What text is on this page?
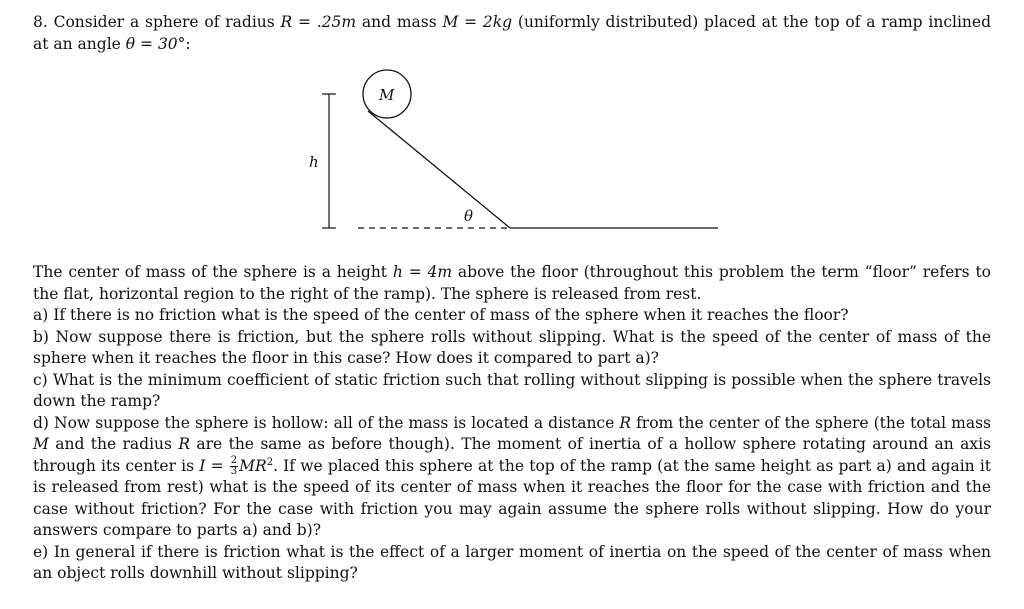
8. Consider a sphere of radius R = .25m and mass M = 2kg (uniformly distributed) placed at the top of a ramp inclined at an angle θ = 30°:

h
M
θ
The center of mass of the sphere is a height h = 4m above the floor (throughout this problem the term “floor” refers to the flat, horizontal region to the right of the ramp). The sphere is released from rest.
a) If there is no friction what is the speed of the center of mass of the sphere when it reaches the floor?
b) Now suppose there is friction, but the sphere rolls without slipping. What is the speed of the center of mass of the sphere when it reaches the floor in this case? How does it compared to part a)?
c) What is the minimum coefficient of static friction such that rolling without slipping is possible when the sphere travels down the ramp?
d) Now suppose the sphere is hollow: all of the mass is located a distance R from the center of the sphere (the total mass M and the radius R are the same as before though). The moment of inertia of a hollow sphere rotating around an axis through its center is $I = \frac{2}{3} MR^2$. If we placed this sphere at the top of the ramp (at the same height as part a) and again it is released from rest) what is the speed of its center of mass when it reaches the floor for the case with friction and the case without friction? For the case with friction you may again assume the sphere rolls without slipping. How do your answers compare to parts a) and b)?
e) In general if there is friction what is the effect of a larger moment of inertia on the speed of the center of mass when an object rolls downhill without slipping?
